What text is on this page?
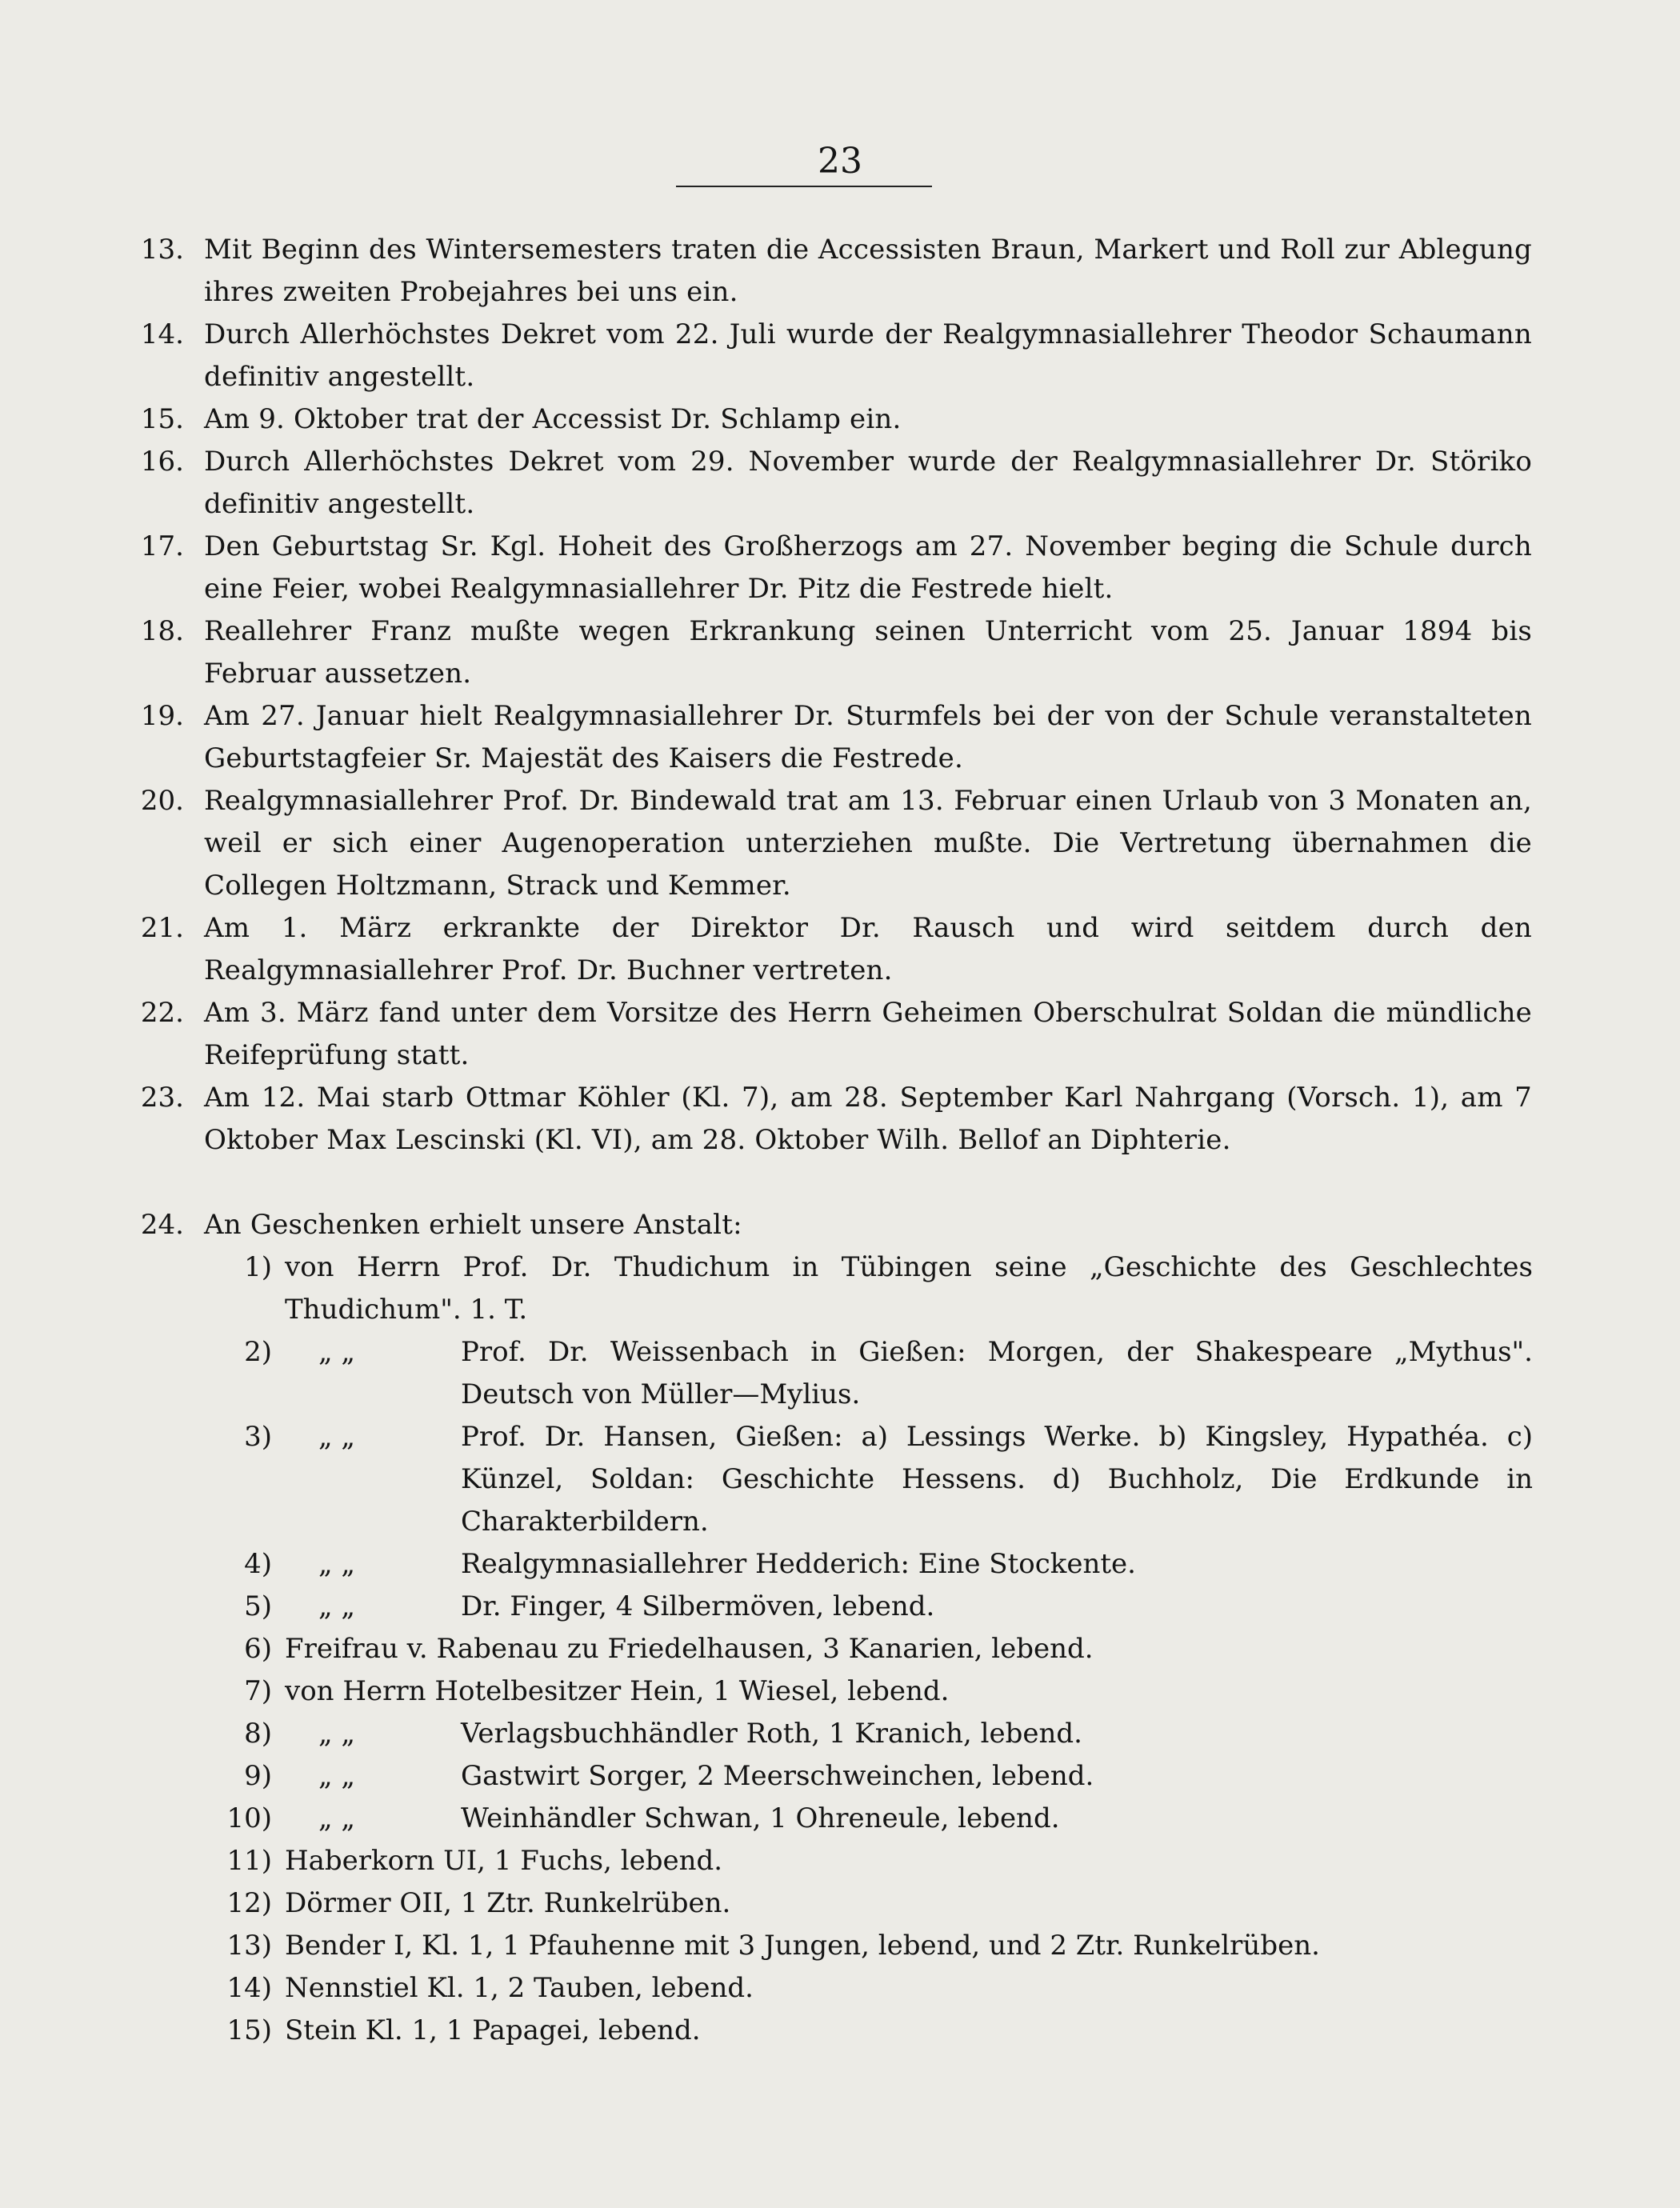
23
13. Mit Beginn des Wintersemesters traten die Accessisten Braun, Markert und Roll zur Ablegung ihres zweiten Probejahres bei uns ein.
14. Durch Allerhöchstes Dekret vom 22. Juli wurde der Realgymnasiallehrer Theodor Schaumann definitiv angestellt.
15. Am 9. Oktober trat der Accessist Dr. Schlamp ein.
16. Durch Allerhöchstes Dekret vom 29. November wurde der Realgymnasiallehrer Dr. Störiko definitiv angestellt.
17. Den Geburtstag Sr. Kgl. Hoheit des Großherzogs am 27. November beging die Schule durch eine Feier, wobei Realgymnasiallehrer Dr. Pitz die Festrede hielt.
18. Reallehrer Franz mußte wegen Erkrankung seinen Unterricht vom 25. Januar 1894 bis Februar aussetzen.
19. Am 27. Januar hielt Realgymnasiallehrer Dr. Sturmfels bei der von der Schule veranstalteten Geburtstagfeier Sr. Majestät des Kaisers die Festrede.
20. Realgymnasiallehrer Prof. Dr. Bindewald trat am 13. Februar einen Urlaub von 3 Monaten an, weil er sich einer Augenoperation unterziehen mußte. Die Vertretung übernahmen die Collegen Holtzmann, Strack und Kemmer.
21. Am 1. März erkrankte der Direktor Dr. Rausch und wird seitdem durch den Realgymnasiallehrer Prof. Dr. Buchner vertreten.
22. Am 3. März fand unter dem Vorsitze des Herrn Geheimen Oberschulrat Soldan die mündliche Reifeprüfung statt.
23. Am 12. Mai starb Ottmar Köhler (Kl. 7), am 28. September Karl Nahrgang (Vorsch. 1), am 7 Oktober Max Lescinski (Kl. VI), am 28. Oktober Wilh. Bellof an Diphterie.
24. An Geschenken erhielt unsere Anstalt:
1) von Herrn Prof. Dr. Thudichum in Tübingen seine „Geschichte des Geschlechtes Thudichum". 1. T.
2) „ „	Prof. Dr. Weissenbach in Gießen: Morgen, der Shakespeare „Mythus". Deutsch von Müller—Mylius.
3) „ „	Prof. Dr. Hansen, Gießen: a) Lessings Werke. b) Kingsley, Hypathéa. c) Künzel, Soldan: Geschichte Hessens. d) Buchholz, Die Erdkunde in Charakterbildern.
4) „ „	Realgymnasiallehrer Hedderich: Eine Stockente.
5) „ „	Dr. Finger, 4 Silbermöven, lebend.
6) Freifrau v. Rabenau zu Friedelhausen, 3 Kanarien, lebend.
7) von Herrn Hotelbesitzer Hein, 1 Wiesel, lebend.
8) „ „	Verlagsbuchhändler Roth, 1 Kranich, lebend.
9) „ „	Gastwirt Sorger, 2 Meerschweinchen, lebend.
10) „ „	Weinhändler Schwan, 1 Ohreneule, lebend.
11) Haberkorn UI, 1 Fuchs, lebend.
12) Dörmer OII, 1 Ztr. Runkelrüben.
13) Bender I, Kl. 1, 1 Pfauhenne mit 3 Jungen, lebend, und 2 Ztr. Runkelrüben.
14) Nennstiel Kl. 1, 2 Tauben, lebend.
15) Stein Kl. 1, 1 Papagei, lebend.
